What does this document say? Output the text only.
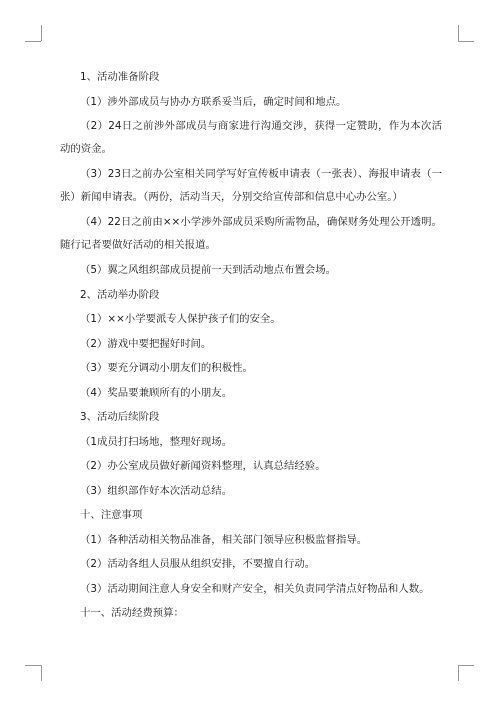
1、活动准备阶段

（1）涉外部成员与协办方联系妥当后，确定时间和地点。

（2）24日之前涉外部成员与商家进行沟通交涉，获得一定赞助，作为本次活动的资金。

（3）23日之前办公室相关同学写好宣传板申请表（一张表）、海报申请表（一张）新闻申请表。（两份，活动当天，分别交给宣传部和信息中心办公室。）

（4）22日之前由××小学涉外部成员采购所需物品，确保财务处理公开透明。随行记者要做好活动的相关报道。

（5）翼之风组织部成员提前一天到活动地点布置会场。

2、活动举办阶段

（1）××小学要派专人保护孩子们的安全。

（2）游戏中要把握好时间。

（3）要充分调动小朋友们的积极性。

（4）奖品要兼顾所有的小朋友。

3、活动后续阶段

（1成员打扫场地，整理好现场。

（2）办公室成员做好新闻资料整理，认真总结经验。

（3）组织部作好本次活动总结。

十、注意事项

（1）各种活动相关物品准备，相关部门领导应积极监督指导。

（2）活动各组人员服从组织安排，不要擅自行动。

（3）活动期间注意人身安全和财产安全，相关负责同学清点好物品和人数。

十一、活动经费预算：
